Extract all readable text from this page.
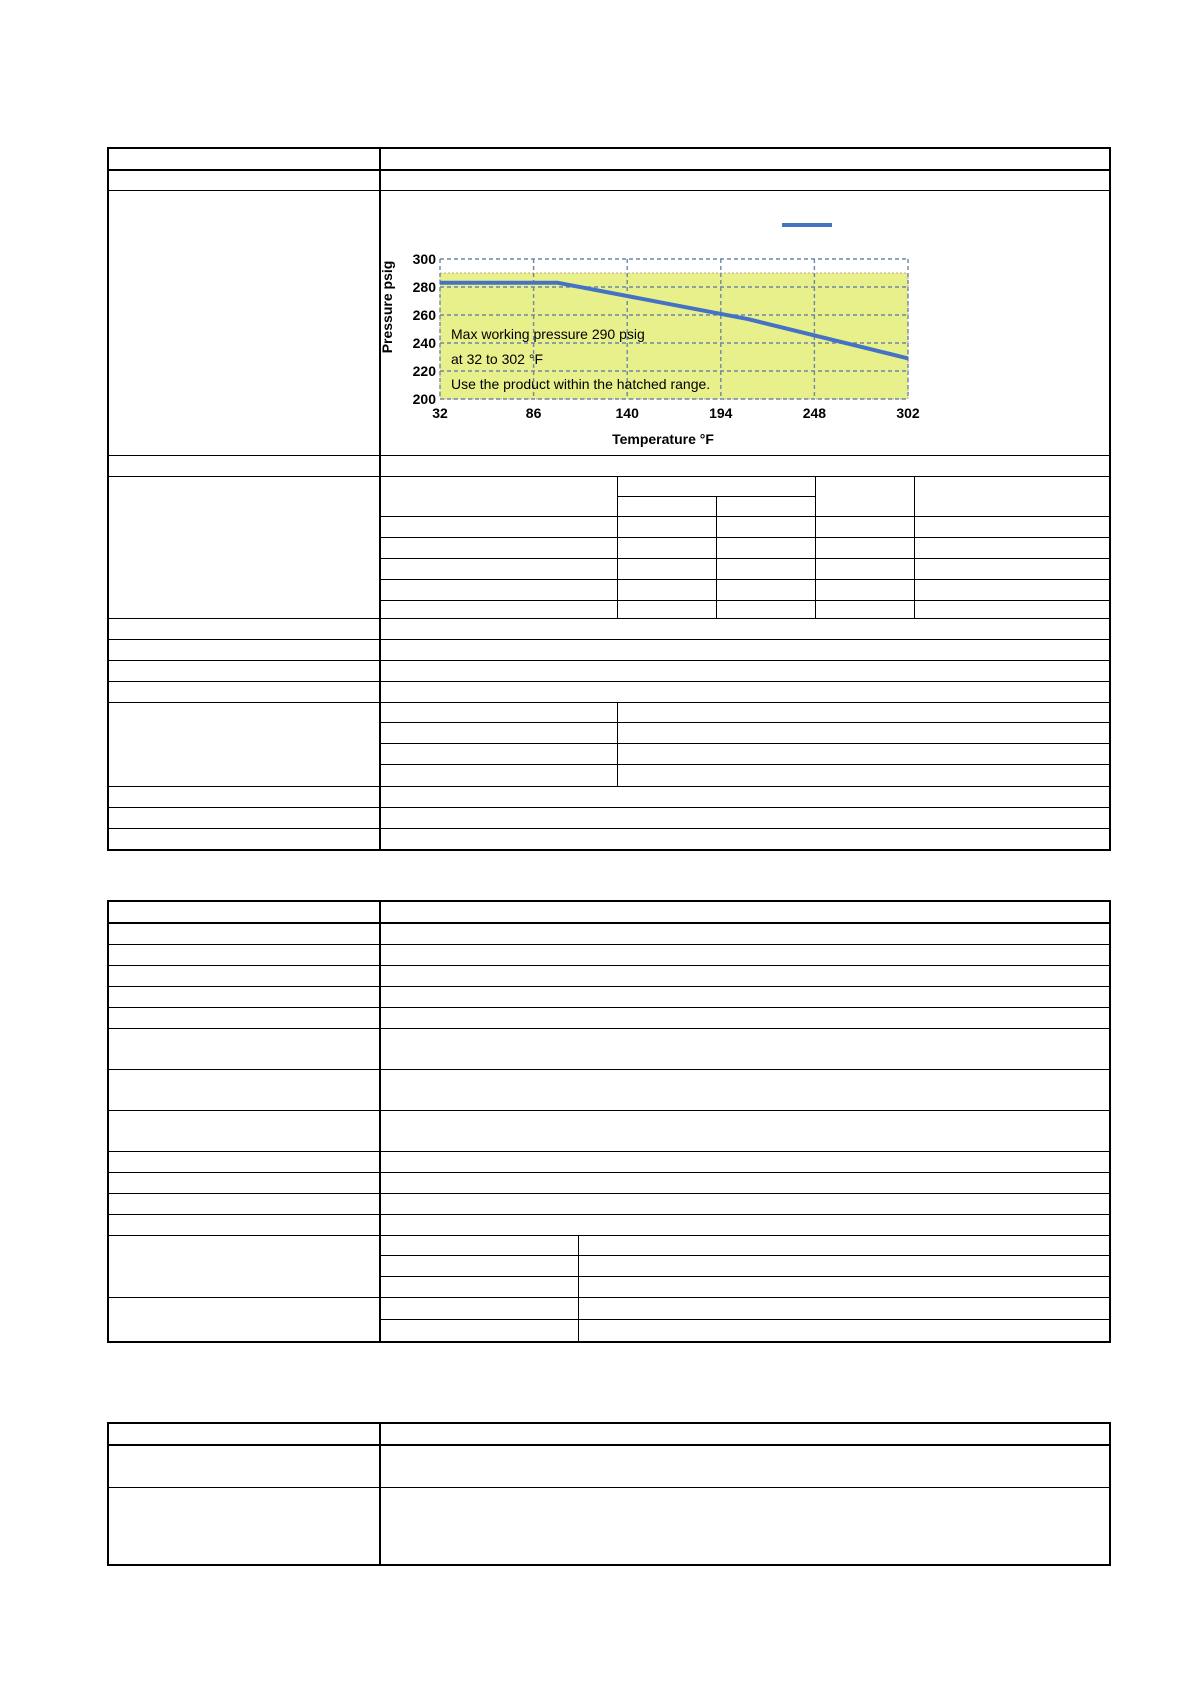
32	86	140	194	248	302
200
220
240
260
280
300
Temperature °F
Pressure psig	Max working pressure 290 psig
at 32 to 302 °F
Use the product within the hatched range.
